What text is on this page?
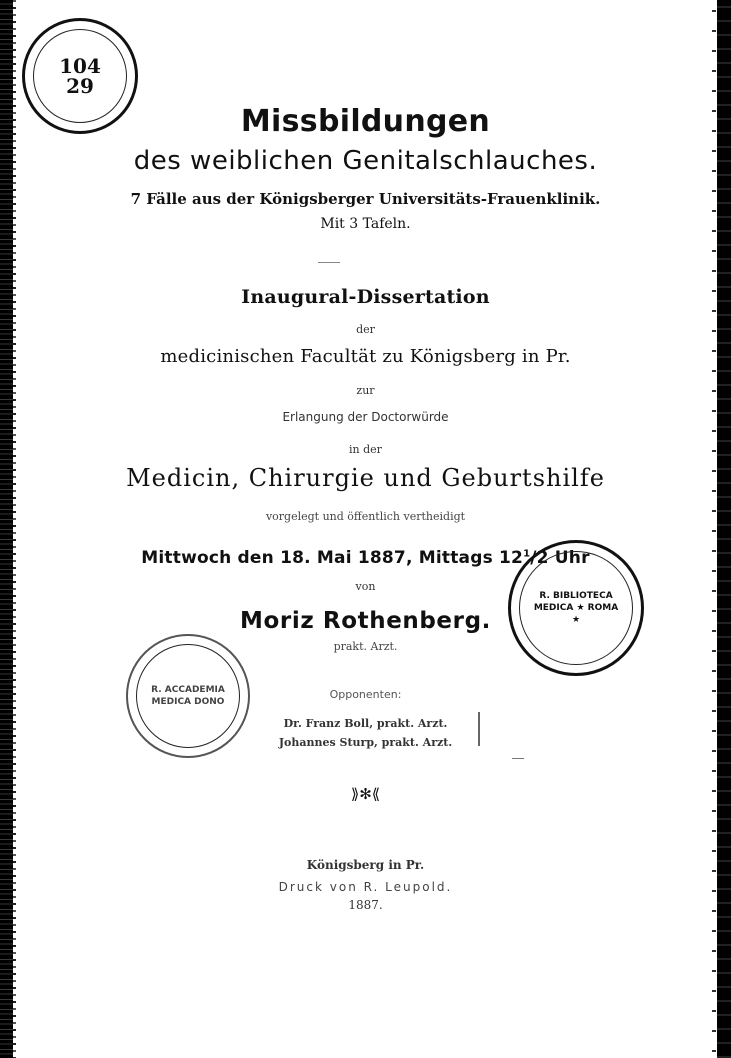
104
29
Missbildungen
des weiblichen Genitalschlauches.
7 Fälle aus der Königsberger Universitäts-Frauenklinik.
Mit 3 Tafeln.
Inaugural-Dissertation
der
medicinischen Facultät zu Königsberg in Pr.
zur
Erlangung der Doctorwürde
in der
Medicin, Chirurgie und Geburtshilfe
vorgelegt und öffentlich vertheidigt
Mittwoch den 18. Mai 1887, Mittags $12^1/2$ Uhr
von
Moriz Rothenberg.
prakt. Arzt.
Opponenten:
Dr. Franz Boll, prakt. Arzt.
Johannes Sturp, prakt. Arzt.
⟫✻⟪
R. BIBLIOTECA MEDICA ★ ROMA ★
R. ACCADEMIA MEDICA DONO
Königsberg in Pr.
Druck von R. Leupold.
1887.
